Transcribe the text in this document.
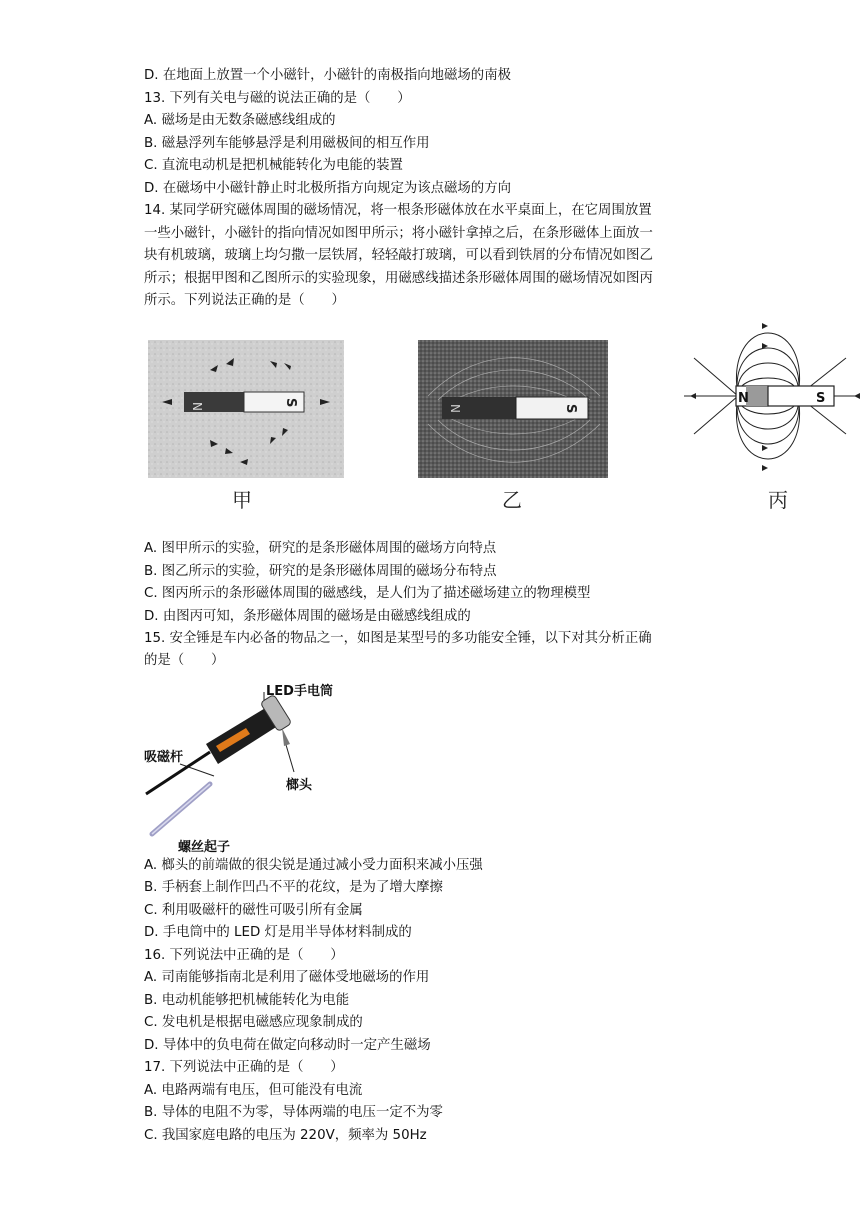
D. 在地面上放置一个小磁针，小磁针的南极指向地磁场的南极
13. 下列有关电与磁的说法正确的是（　　）
A. 磁场是由无数条磁感线组成的
B. 磁悬浮列车能够悬浮是利用磁极间的相互作用
C. 直流电动机是把机械能转化为电能的装置
D. 在磁场中小磁针静止时北极所指方向规定为该点磁场的方向
14. 某同学研究磁体周围的磁场情况，将一根条形磁体放在水平桌面上，在它周围放置
一些小磁针，小磁针的指向情况如图甲所示；将小磁针拿掉之后，在条形磁体上面放一
块有机玻璃，玻璃上均匀撒一层铁屑，轻轻敲打玻璃，可以看到铁屑的分布情况如图乙
所示；根据甲图和乙图所示的实验现象，用磁感线描述条形磁体周围的磁场情况如图丙
所示。下列说法正确的是（　　）
N	S
N	S
N	S
甲	乙	丙
A. 图甲所示的实验，研究的是条形磁体周围的磁场方向特点
B. 图乙所示的实验，研究的是条形磁体周围的磁场分布特点
C. 图丙所示的条形磁体周围的磁感线，是人们为了描述磁场建立的物理模型
D. 由图丙可知，条形磁体周围的磁场是由磁感线组成的
15. 安全锤是车内必备的物品之一，如图是某型号的多功能安全锤，以下对其分析正确
的是（　　）
LED手电筒
吸磁杆
榔头
螺丝起子
A. 榔头的前端做的很尖锐是通过减小受力面积来减小压强
B. 手柄套上制作凹凸不平的花纹，是为了增大摩擦
C. 利用吸磁杆的磁性可吸引所有金属
D. 手电筒中的 LED 灯是用半导体材料制成的
16. 下列说法中正确的是（　　）
A. 司南能够指南北是利用了磁体受地磁场的作用
B. 电动机能够把机械能转化为电能
C. 发电机是根据电磁感应现象制成的
D. 导体中的负电荷在做定向移动时一定产生磁场
17. 下列说法中正确的是（　　）
A. 电路两端有电压，但可能没有电流
B. 导体的电阻不为零，导体两端的电压一定不为零
C. 我国家庭电路的电压为 220V，频率为 50Hz
